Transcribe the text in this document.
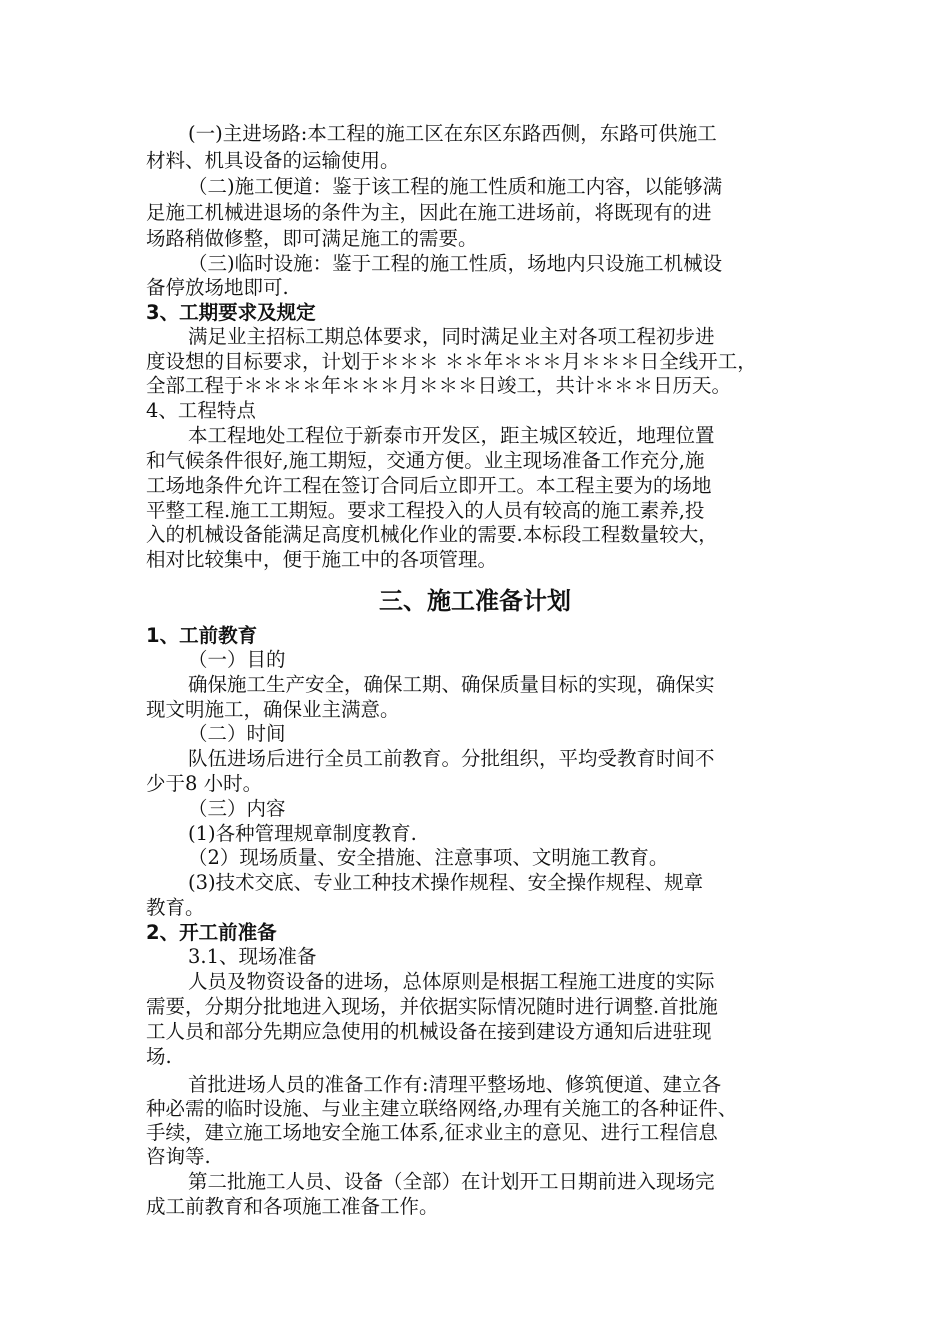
(一)主进场路:本工程的施工区在东区东路西侧，东路可供施工
材料、机具设备的运输使用。
（二)施工便道：鉴于该工程的施工性质和施工内容，以能够满
足施工机械进退场的条件为主，因此在施工进场前，将既现有的进
场路稍做修整，即可满足施工的需要。
（三)临时设施：鉴于工程的施工性质，场地内只设施工机械设
备停放场地即可.
3、工期要求及规定
满足业主招标工期总体要求，同时满足业主对各项工程初步进
度设想的目标要求，计划于＊＊＊ ＊＊年＊＊＊月＊＊＊日全线开工，
全部工程于＊＊＊＊年＊＊＊月＊＊＊日竣工，共计＊＊＊日历天。
4、工程特点
本工程地处工程位于新泰市开发区，距主城区较近，地理位置
和气候条件很好,施工期短，交通方便。业主现场准备工作充分,施
工场地条件允许工程在签订合同后立即开工。本工程主要为的场地
平整工程.施工工期短。要求工程投入的人员有较高的施工素养,投
入的机械设备能满足高度机械化作业的需要.本标段工程数量较大，
相对比较集中，便于施工中的各项管理。
三、施工准备计划
1、工前教育
（一）目的
确保施工生产安全，确保工期、确保质量目标的实现，确保实
现文明施工，确保业主满意。
（二）时间
队伍进场后进行全员工前教育。分批组织，平均受教育时间不
少于8 小时。
（三）内容
(1)各种管理规章制度教育.
（2）现场质量、安全措施、注意事项、文明施工教育。
(3)技术交底、专业工种技术操作规程、安全操作规程、规章
教育。
2、开工前准备
3.1、现场准备
人员及物资设备的进场，总体原则是根据工程施工进度的实际
需要，分期分批地进入现场，并依据实际情况随时进行调整.首批施
工人员和部分先期应急使用的机械设备在接到建设方通知后进驻现
场.
首批进场人员的准备工作有:清理平整场地、修筑便道、建立各
种必需的临时设施、与业主建立联络网络,办理有关施工的各种证件、
手续，建立施工场地安全施工体系,征求业主的意见、进行工程信息
咨询等.
第二批施工人员、设备（全部）在计划开工日期前进入现场完
成工前教育和各项施工准备工作。
